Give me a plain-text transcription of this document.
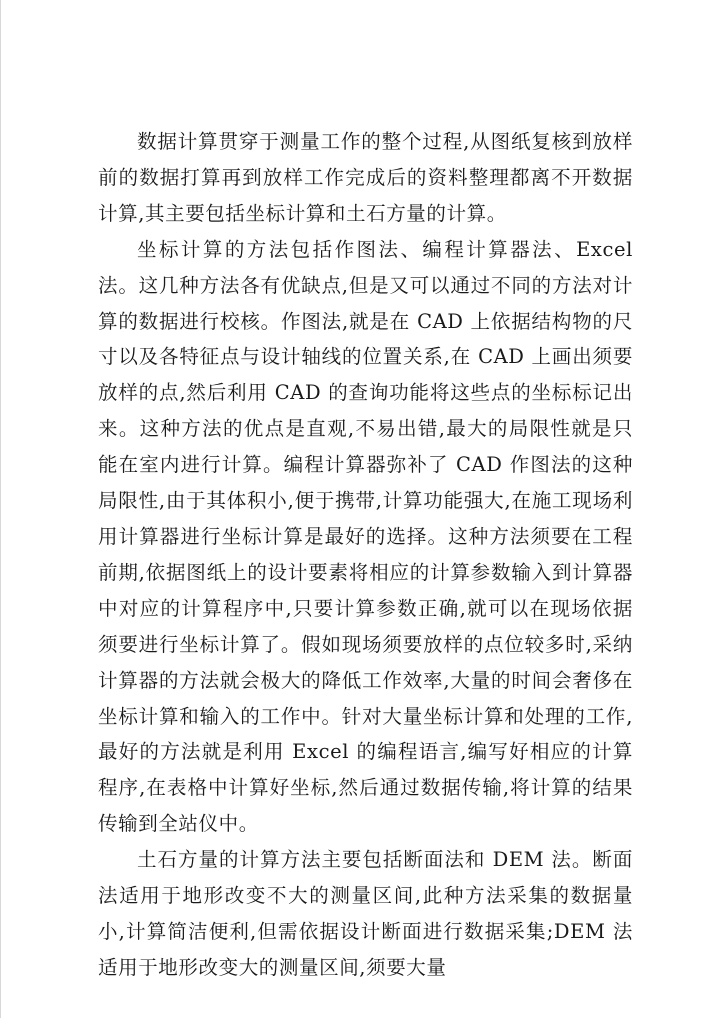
数据计算贯穿于测量工作的整个过程,从图纸复核到放样前的数据打算再到放样工作完成后的资料整理都离不开数据计算,其主要包括坐标计算和土石方量的计算。

坐标计算的方法包括作图法、编程计算器法、Excel 法。这几种方法各有优缺点,但是又可以通过不同的方法对计算的数据进行校核。作图法,就是在 CAD 上依据结构物的尺寸以及各特征点与设计轴线的位置关系,在 CAD 上画出须要放样的点,然后利用 CAD 的查询功能将这些点的坐标标记出来。这种方法的优点是直观,不易出错,最大的局限性就是只能在室内进行计算。编程计算器弥补了 CAD 作图法的这种局限性,由于其体积小,便于携带,计算功能强大,在施工现场利用计算器进行坐标计算是最好的选择。这种方法须要在工程前期,依据图纸上的设计要素将相应的计算参数输入到计算器中对应的计算程序中,只要计算参数正确,就可以在现场依据须要进行坐标计算了。假如现场须要放样的点位较多时,采纳计算器的方法就会极大的降低工作效率,大量的时间会奢侈在坐标计算和输入的工作中。针对大量坐标计算和处理的工作,最好的方法就是利用 Excel 的编程语言,编写好相应的计算程序,在表格中计算好坐标,然后通过数据传输,将计算的结果传输到全站仪中。

土石方量的计算方法主要包括断面法和 DEM 法。断面法适用于地形改变不大的测量区间,此种方法采集的数据量小,计算简洁便利,但需依据设计断面进行数据采集;DEM 法适用于地形改变大的测量区间,须要大量
